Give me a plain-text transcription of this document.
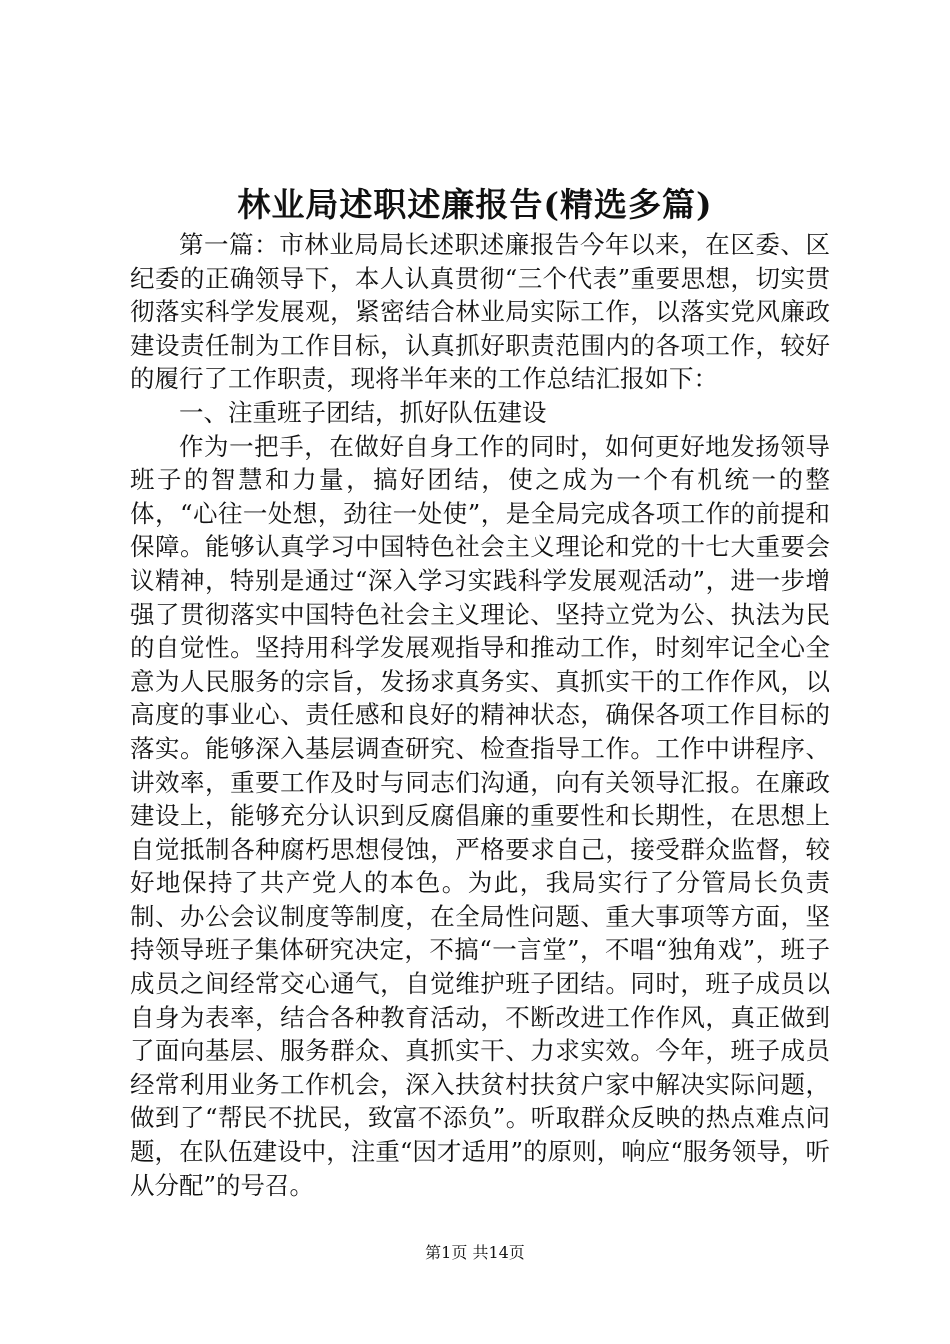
林业局述职述廉报告(精选多篇)

第一篇：市林业局局长述职述廉报告今年以来，在区委、区纪委的正确领导下，本人认真贯彻“三个代表”重要思想，切实贯彻落实科学发展观，紧密结合林业局实际工作，以落实党风廉政建设责任制为工作目标，认真抓好职责范围内的各项工作，较好的履行了工作职责，现将半年来的工作总结汇报如下：

一、注重班子团结，抓好队伍建设

作为一把手，在做好自身工作的同时，如何更好地发扬领导班子的智慧和力量，搞好团结，使之成为一个有机统一的整体，“心往一处想，劲往一处使”，是全局完成各项工作的前提和保障。能够认真学习中国特色社会主义理论和党的十七大重要会议精神，特别是通过“深入学习实践科学发展观活动”，进一步增强了贯彻落实中国特色社会主义理论、坚持立党为公、执法为民的自觉性。坚持用科学发展观指导和推动工作，时刻牢记全心全意为人民服务的宗旨，发扬求真务实、真抓实干的工作作风，以高度的事业心、责任感和良好的精神状态，确保各项工作目标的落实。能够深入基层调查研究、检查指导工作。工作中讲程序、讲效率，重要工作及时与同志们沟通，向有关领导汇报。在廉政建设上，能够充分认识到反腐倡廉的重要性和长期性，在思想上自觉抵制各种腐朽思想侵蚀，严格要求自己，接受群众监督，较好地保持了共产党人的本色。为此，我局实行了分管局长负责制、办公会议制度等制度，在全局性问题、重大事项等方面，坚持领导班子集体研究决定，不搞“一言堂”，不唱“独角戏”，班子成员之间经常交心通气，自觉维护班子团结。同时，班子成员以自身为表率，结合各种教育活动，不断改进工作作风，真正做到了面向基层、服务群众、真抓实干、力求实效。今年，班子成员经常利用业务工作机会，深入扶贫村扶贫户家中解决实际问题，做到了“帮民不扰民，致富不添负”。听取群众反映的热点难点问题，在队伍建设中，注重“因才适用”的原则，响应“服务领导，听从分配”的号召。

第1页 共14页
